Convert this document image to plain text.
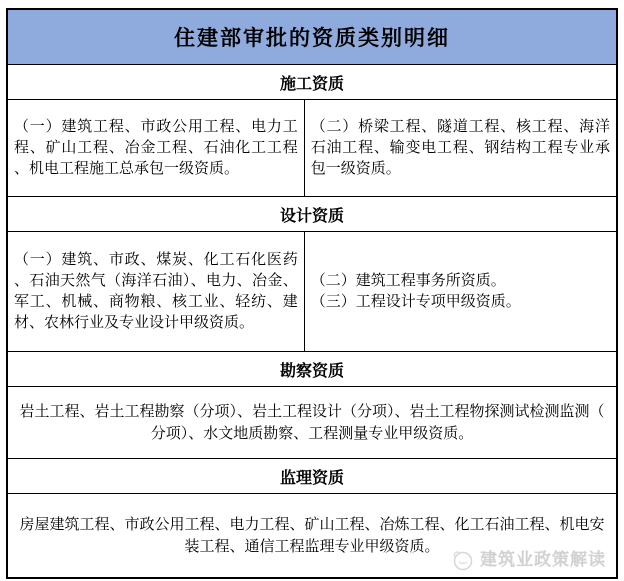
住建部审批的资质类别明细
施工资质
（一）建筑工程、市政公用工程、电力工程、矿山工程、冶金工程、石油化工工程、机电工程施工总承包一级资质。
（二）桥梁工程、隧道工程、核工程、海洋石油工程、输变电工程、钢结构工程专业承包一级资质。
设计资质
（一）建筑、市政、煤炭、化工石化医药、石油天然气（海洋石油）、电力、冶金、军工、机械、商物粮、核工业、轻纺、建材、农林行业及专业设计甲级资质。
（二）建筑工程事务所资质。
（三）工程设计专项甲级资质。
勘察资质
岩土工程、岩土工程勘察（分项）、岩土工程设计（分项）、岩土工程物探测试检测监测（分项）、水文地质勘察、工程测量专业甲级资质。
监理资质
房屋建筑工程、市政公用工程、电力工程、矿山工程、冶炼工程、化工石油工程、机电安装工程、通信工程监理专业甲级资质。
建筑业政策解读
